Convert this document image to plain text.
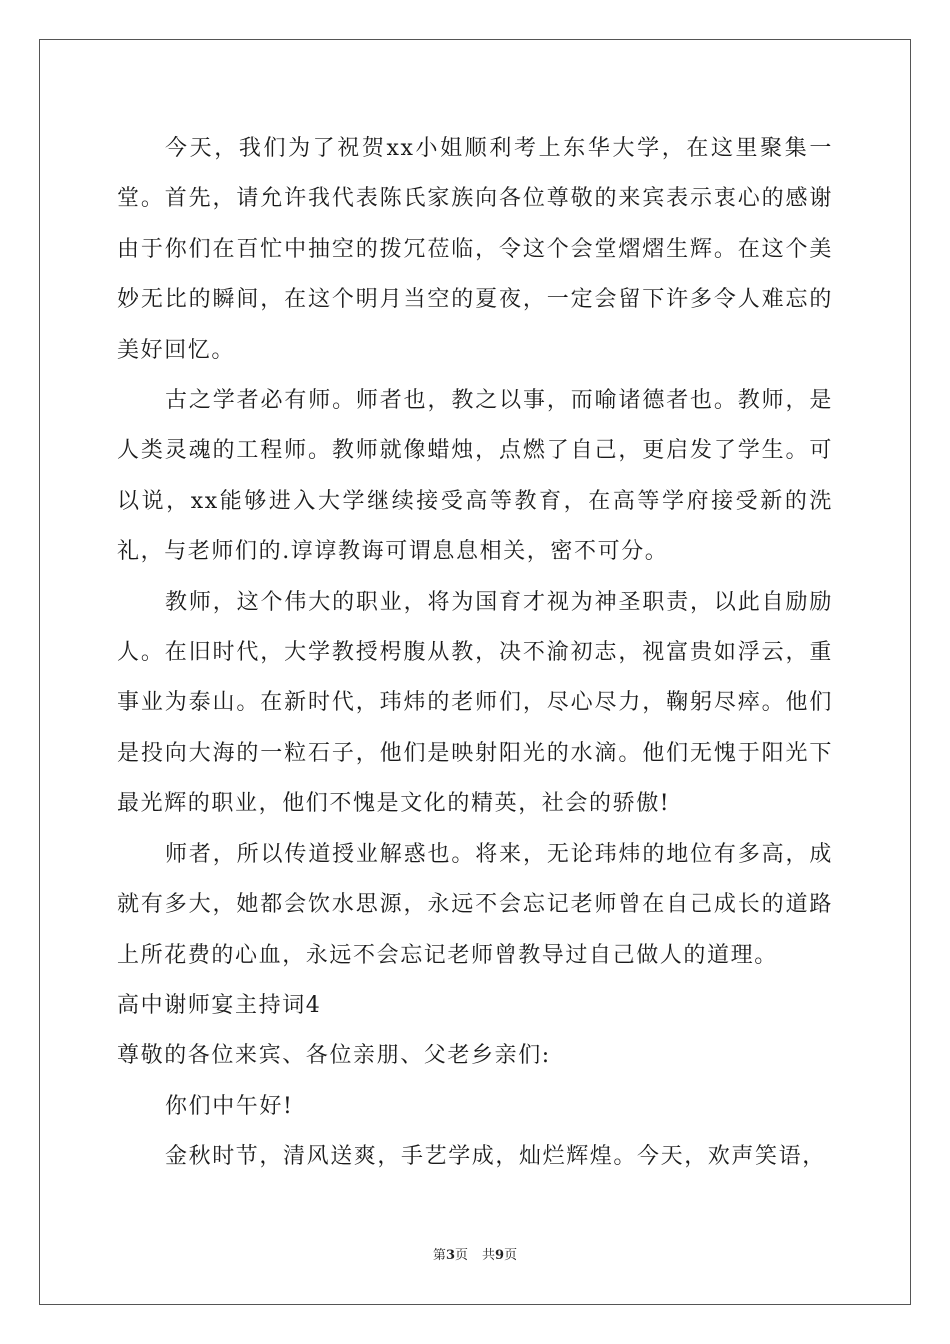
今天，我们为了祝贺xx小姐顺利考上东华大学，在这里聚集一堂。首先，请允许我代表陈氏家族向各位尊敬的来宾表示衷心的感谢由于你们在百忙中抽空的拨冗莅临，令这个会堂熠熠生辉。在这个美妙无比的瞬间，在这个明月当空的夏夜，一定会留下许多令人难忘的美好回忆。

古之学者必有师。师者也，教之以事，而喻诸德者也。教师，是人类灵魂的工程师。教师就像蜡烛，点燃了自己，更启发了学生。可以说，xx能够进入大学继续接受高等教育，在高等学府接受新的洗礼，与老师们的.谆谆教诲可谓息息相关，密不可分。

教师，这个伟大的职业，将为国育才视为神圣职责，以此自励励人。在旧时代，大学教授枵腹从教，决不渝初志，视富贵如浮云，重事业为泰山。在新时代，玮炜的老师们，尽心尽力，鞠躬尽瘁。他们是投向大海的一粒石子，他们是映射阳光的水滴。他们无愧于阳光下最光辉的职业，他们不愧是文化的精英，社会的骄傲!

师者，所以传道授业解惑也。将来，无论玮炜的地位有多高，成就有多大，她都会饮水思源，永远不会忘记老师曾在自己成长的道路上所花费的心血，永远不会忘记老师曾教导过自己做人的道理。

高中谢师宴主持词4

尊敬的各位来宾、各位亲朋、父老乡亲们:

你们中午好!

金秋时节，清风送爽，手艺学成，灿烂辉煌。今天，欢声笑语，

第3页 共9页
